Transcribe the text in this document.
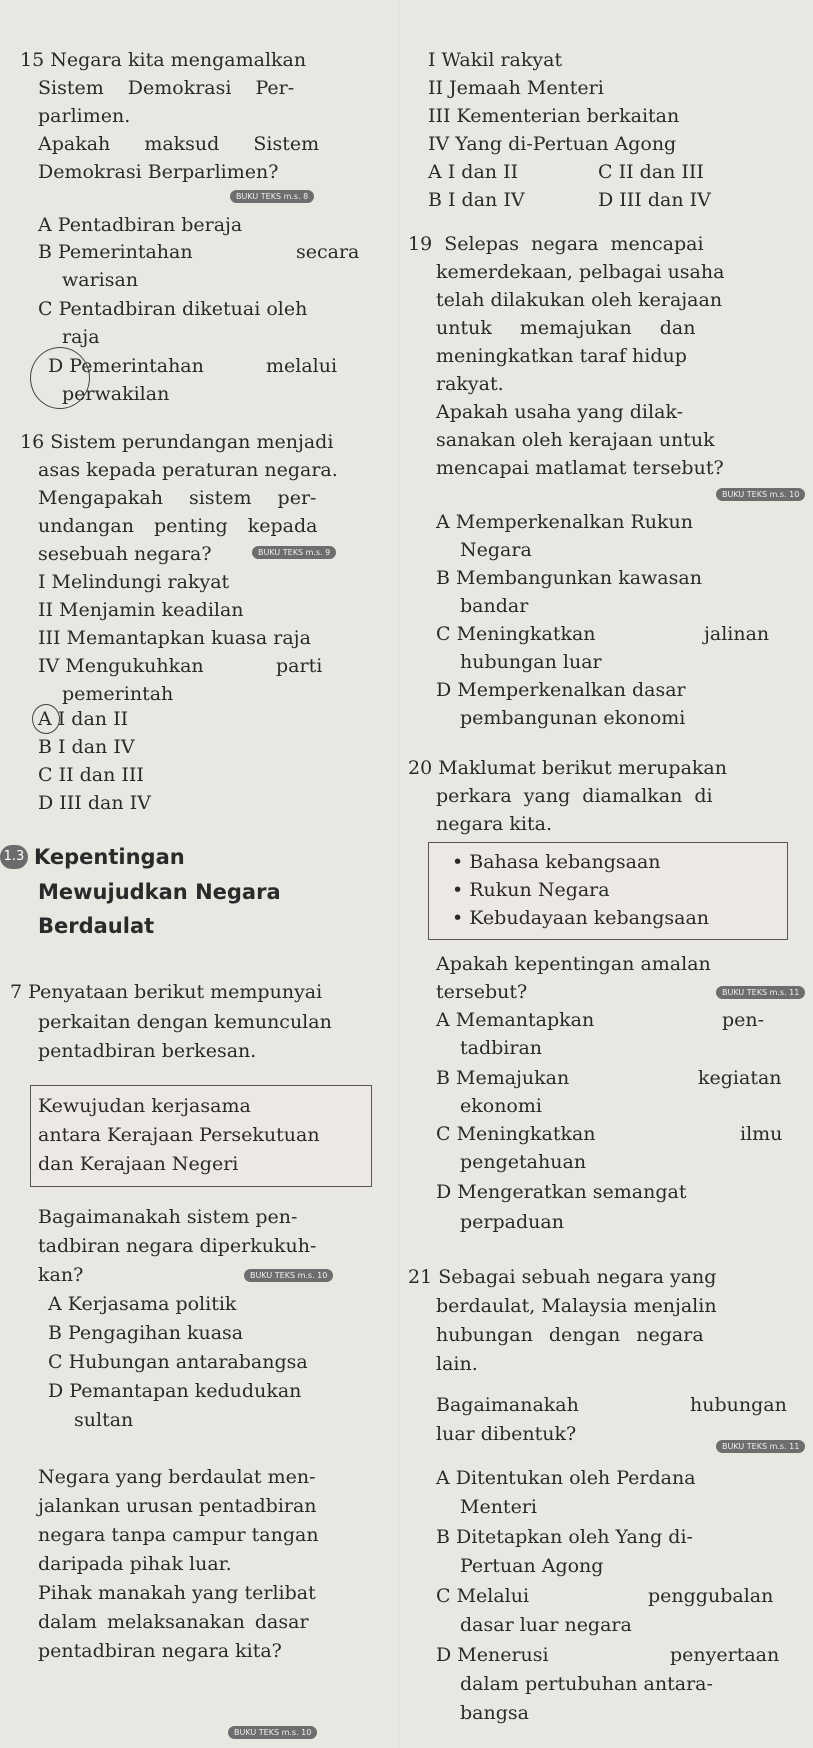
15 Negara kita mengamalkan
Sistem Demokrasi Per-
parlimen.
Apakah maksud Sistem
Demokrasi Berparlimen?
BUKU TEKS m.s. 8
A Pentadbiran beraja
B Pemerintahan	secara
warisan
C Pentadbiran diketuai oleh
raja
D Pemerintahan	melalui
perwakilan
16 Sistem perundangan menjadi
asas kepada peraturan negara.
Mengapakah sistem per-
undangan penting kepada
sesebuah negara?	BUKU TEKS m.s. 9
I Melindungi rakyat
II Menjamin keadilan
III Memantapkan kuasa raja
IV Mengukuhkan	parti
pemerintah
A I dan II
B I dan IV
C II dan III
D III dan IV
1.3 Kepentingan
Mewujudkan Negara
Berdaulat
7 Penyataan berikut mempunyai
perkaitan dengan kemunculan
pentadbiran berkesan.
Kewujudan kerjasama
antara Kerajaan Persekutuan
dan Kerajaan Negeri
Bagaimanakah sistem pen-
tadbiran negara diperkukuh-
kan?	BUKU TEKS m.s. 10
A Kerjasama politik
B Pengagihan kuasa
C Hubungan antarabangsa
D Pemantapan kedudukan
sultan
Negara yang berdaulat men-
jalankan urusan pentadbiran
negara tanpa campur tangan
daripada pihak luar.
Pihak manakah yang terlibat
dalam melaksanakan dasar
pentadbiran negara kita?
BUKU TEKS m.s. 10
I Wakil rakyat
II Jemaah Menteri
III Kementerian berkaitan
IV Yang di-Pertuan Agong
A I dan II	C II dan III
B I dan IV	D III dan IV
19 Selepas negara mencapai
kemerdekaan, pelbagai usaha
telah dilakukan oleh kerajaan
untuk memajukan dan
meningkatkan taraf hidup
rakyat.
Apakah usaha yang dilak-
sanakan oleh kerajaan untuk
mencapai matlamat tersebut?
BUKU TEKS m.s. 10
A Memperkenalkan Rukun
Negara
B Membangunkan kawasan
bandar
C Meningkatkan	jalinan
hubungan luar
D Memperkenalkan dasar
pembangunan ekonomi
20 Maklumat berikut merupakan
perkara yang diamalkan di
negara kita.
• Bahasa kebangsaan
• Rukun Negara
• Kebudayaan kebangsaan
Apakah kepentingan amalan
tersebut?	BUKU TEKS m.s. 11
A Memantapkan	pen-
tadbiran
B Memajukan	kegiatan
ekonomi
C Meningkatkan	ilmu
pengetahuan
D Mengeratkan semangat
perpaduan
21 Sebagai sebuah negara yang
berdaulat, Malaysia menjalin
hubungan dengan negara
lain.
Bagaimanakah	hubungan
luar dibentuk?
BUKU TEKS m.s. 11
A Ditentukan oleh Perdana
Menteri
B Ditetapkan oleh Yang di-
Pertuan Agong
C Melalui	penggubalan
dasar luar negara
D Menerusi	penyertaan
dalam pertubuhan antara-
bangsa
